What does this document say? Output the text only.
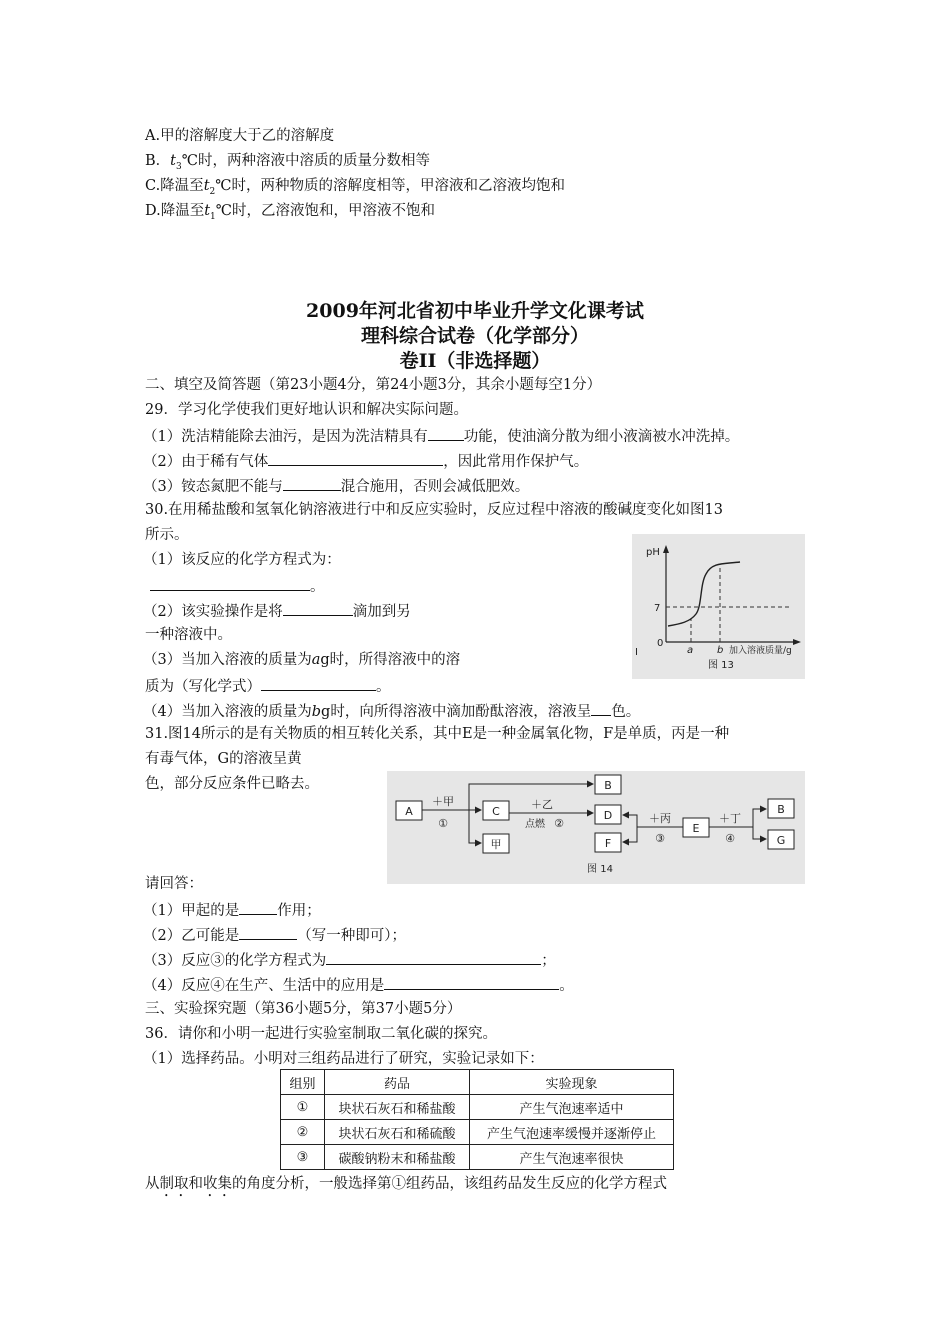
A.甲的溶解度大于乙的溶解度
B．$t_3℃$时，两种溶液中溶质的质量分数相等
C.降温至$t_2℃$时，两种物质的溶解度相等，甲溶液和乙溶液均饱和
D.降温至$t_1℃$时，乙溶液饱和，甲溶液不饱和
2009年河北省初中毕业升学文化课考试
理科综合试卷（化学部分）
卷II（非选择题）
二、填空及简答题（第23小题4分，第24小题3分，其余小题每空1分）
29．学习化学使我们更好地认识和解决实际问题。
（1）洗洁精能除去油污，是因为洗洁精具有 功能，使油滴分散为细小液滴被水冲洗掉。
（2）由于稀有气体	，因此常用作保护气。
（3）铵态氮肥不能与	混合施用，否则会减低肥效。
30.在用稀盐酸和氢氧化钠溶液进行中和反应实验时，反应过程中溶液的酸碱度变化如图13
所示。
（1）该反应的化学方程式为：
。
（2）该实验操作是将	滴加到另
一种溶液中。
（3）当加入溶液的质量为ag时，所得溶液中的溶
质为（写化学式）	。
（4）当加入溶液的质量为bg时，向所得溶液中滴加酚酞溶液，溶液呈 色。
pH
7
0
a b 加入溶液质量/g
图 13
I
31.图14所示的是有关物质的相互转化关系，其中E是一种金属氧化物，F是单质，丙是一种
有毒气体，G的溶液呈黄
色，部分反应条件已略去。
A	C
甲
B
D
F
E
B
G
＋甲
①
＋乙
点燃 ②	＋丙
③
＋丁
④
图 14
请回答：
（1）甲起的是	作用；
（2）乙可能是	（写一种即可）；
（3）反应③的化学方程式为	；
（4）反应④在生产、生活中的应用是	。
三、实验探究题（第36小题5分，第37小题5分）
36．请你和小明一起进行实验室制取二氧化碳的探究。
（1）选择药品。小明对三组药品进行了研究，实验记录如下：
组别	药品	实验现象
①	块状石灰石和稀盐酸	产生气泡速率适中
②	块状石灰石和稀硫酸	产生气泡速率缓慢并逐渐停止
③	碳酸钠粉末和稀盐酸	产生气泡速率很快
从制取和收集的角度分析，一般选择第①组药品，该组药品发生反应的化学方程式
